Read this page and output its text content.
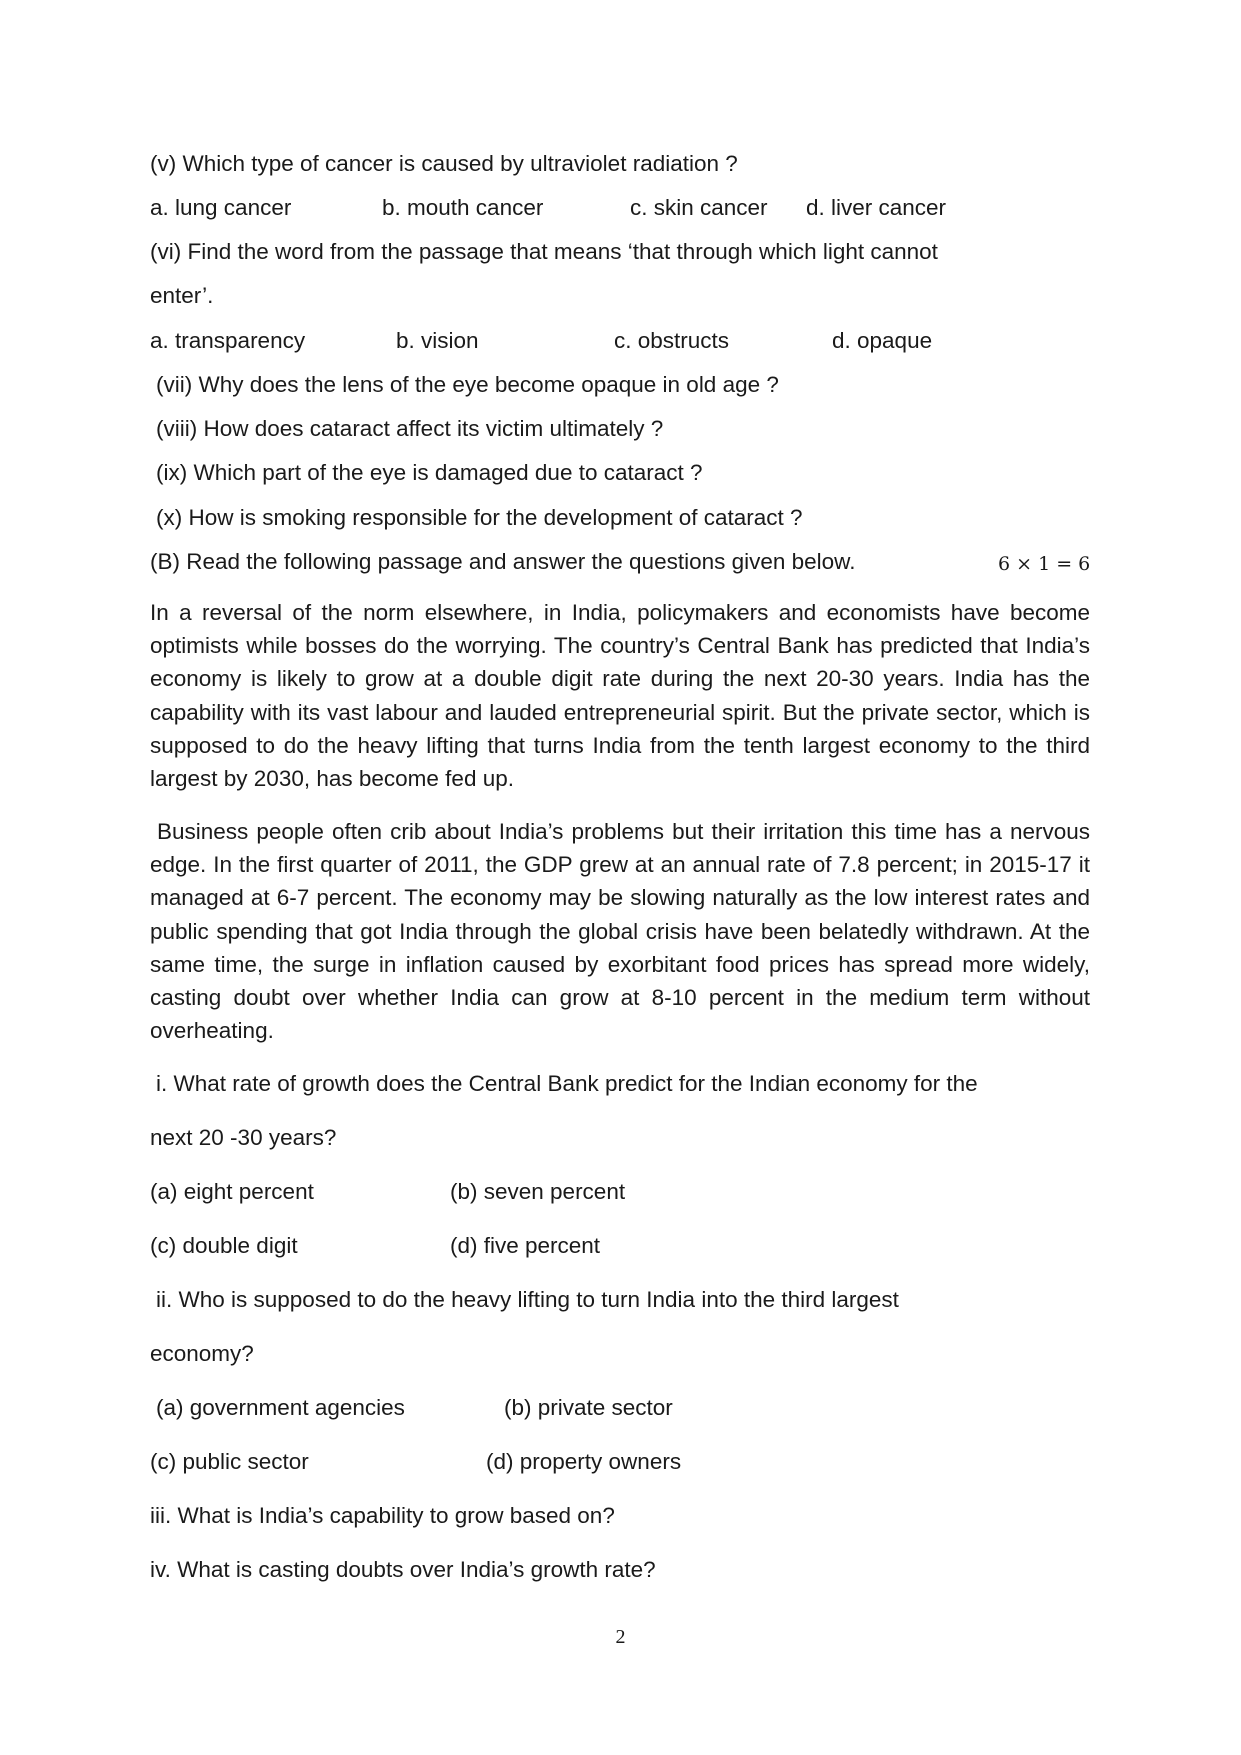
(v) Which type of cancer is caused by ultraviolet radiation ?
a. lung cancer	b. mouth cancer	c. skin cancer d. liver cancer
(vi) Find the word from the passage that means ‘that through which light cannot
enter’.
a. transparency	b. vision	c. obstructs	d. opaque
(vii) Why does the lens of the eye become opaque in old age ?
(viii) How does cataract affect its victim ultimately ?
(ix) Which part of the eye is damaged due to cataract ?
(x) How is smoking responsible for the development of cataract ?
(B) Read the following passage and answer the questions given below.	6 × 1 = 6
In a reversal of the norm elsewhere, in India, policymakers and economists have become optimists while bosses do the worrying. The country’s Central Bank has predicted that India’s economy is likely to grow at a double digit rate during the next 20-30 years. India has the capability with its vast labour and lauded entrepreneurial spirit. But the private sector, which is supposed to do the heavy lifting that turns India from the tenth largest economy to the third largest by 2030, has become fed up.
Business people often crib about India’s problems but their irritation this time has a nervous edge. In the first quarter of 2011, the GDP grew at an annual rate of 7.8 percent; in 2015-17 it managed at 6-7 percent. The economy may be slowing naturally as the low interest rates and public spending that got India through the global crisis have been belatedly withdrawn. At the same time, the surge in inflation caused by exorbitant food prices has spread more widely, casting doubt over whether India can grow at 8-10 percent in the medium term without overheating.
i. What rate of growth does the Central Bank predict for the Indian economy for the
next 20 -30 years?
(a) eight percent	(b) seven percent
(c) double digit	(d) five percent
ii. Who is supposed to do the heavy lifting to turn India into the third largest
economy?
(a) government agencies	(b) private sector
(c) public sector	(d) property owners
iii. What is India’s capability to grow based on?
iv. What is casting doubts over India’s growth rate?
2
